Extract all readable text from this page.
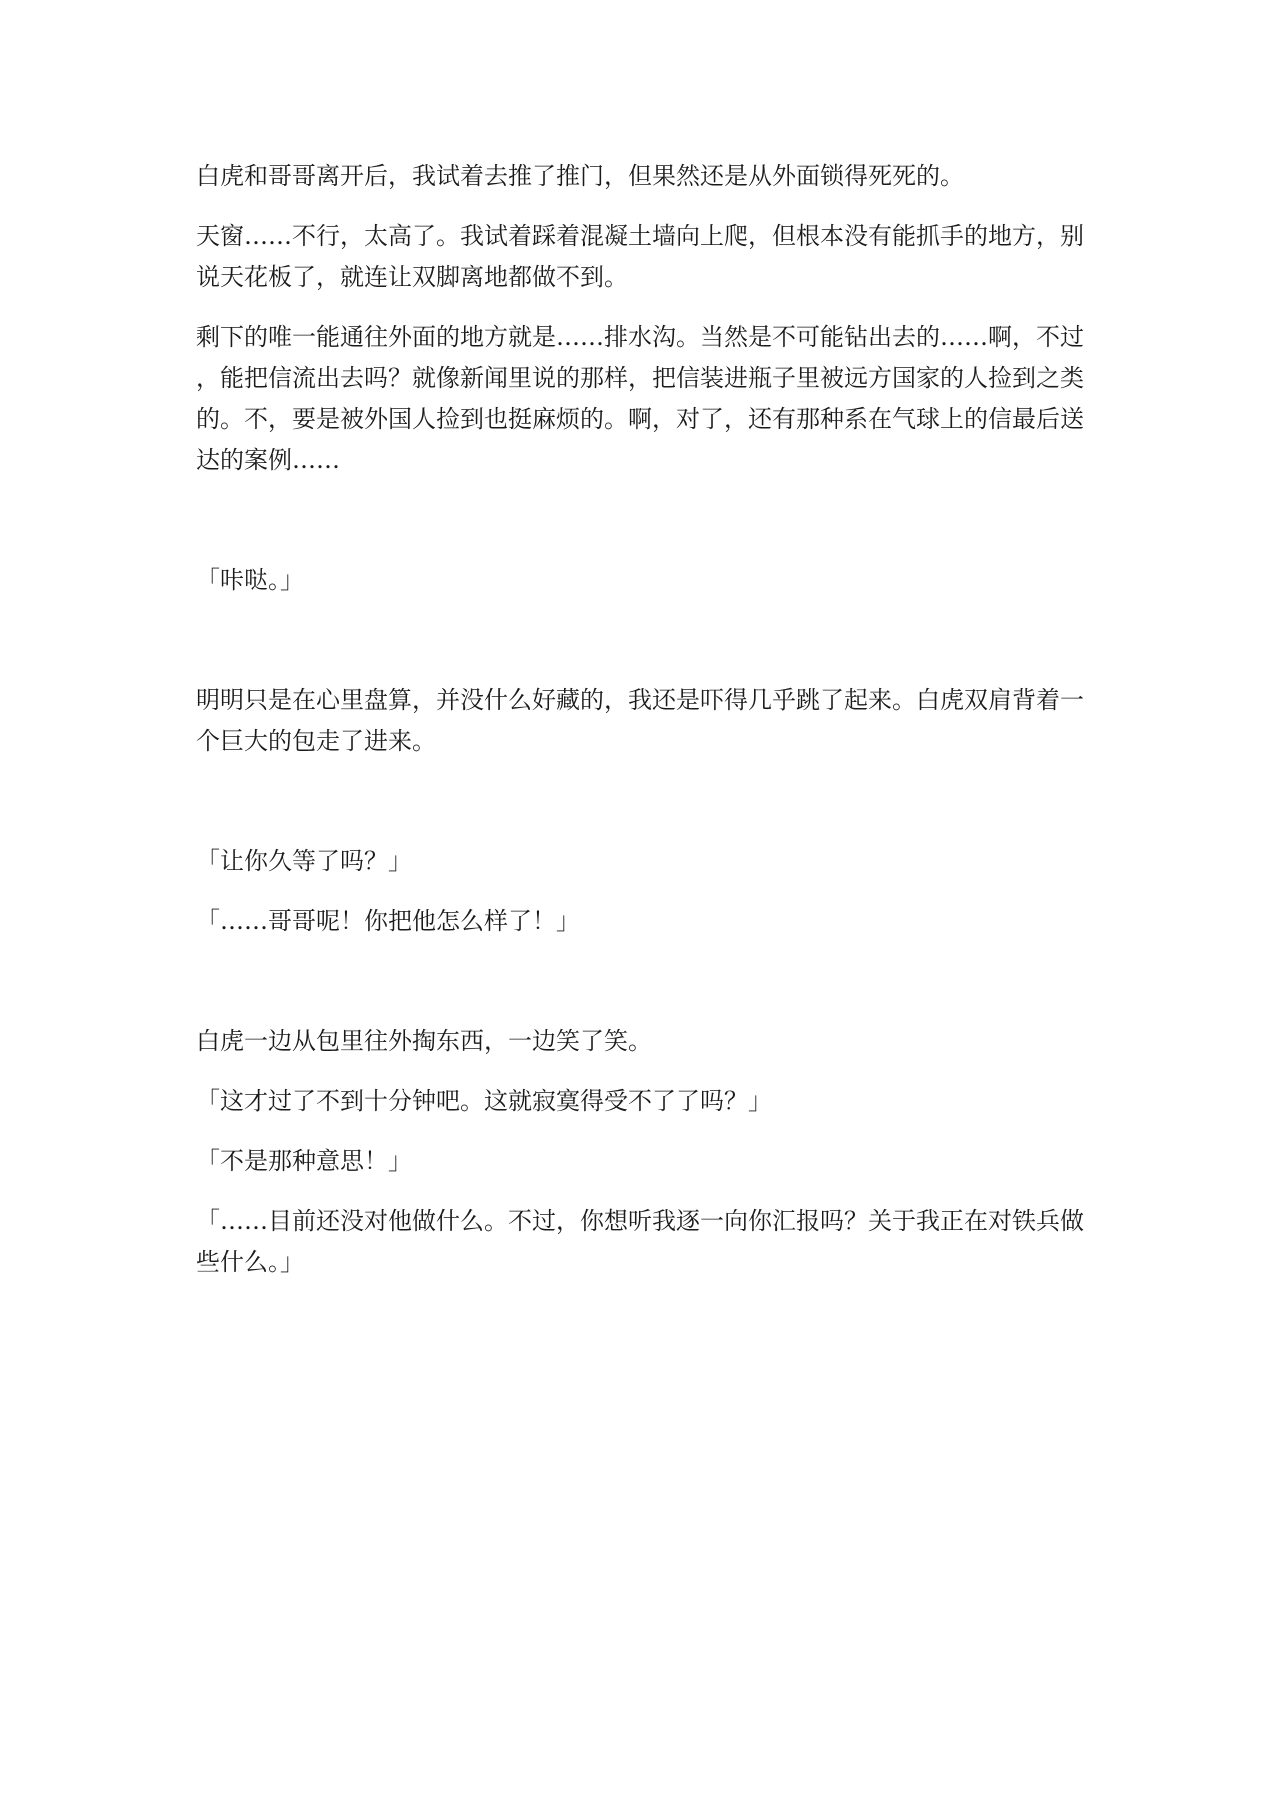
白虎和哥哥离开后，我试着去推了推门，但果然还是从外面锁得死死的。

天窗……不行，太高了。我试着踩着混凝土墙向上爬，但根本没有能抓手的地方，别说天花板了，就连让双脚离地都做不到。

剩下的唯一能通往外面的地方就是……排水沟。当然是不可能钻出去的……啊，不过，能把信流出去吗？就像新闻里说的那样，把信装进瓶子里被远方国家的人捡到之类的。不，要是被外国人捡到也挺麻烦的。啊，对了，还有那种系在气球上的信最后送达的案例……

「咔哒。」

明明只是在心里盘算，并没什么好藏的，我还是吓得几乎跳了起来。白虎双肩背着一个巨大的包走了进来。

「让你久等了吗？」

「……哥哥呢！你把他怎么样了！」

白虎一边从包里往外掏东西，一边笑了笑。

「这才过了不到十分钟吧。这就寂寞得受不了了吗？」

「不是那种意思！」

「……目前还没对他做什么。不过，你想听我逐一向你汇报吗？关于我正在对铁兵做些什么。」
